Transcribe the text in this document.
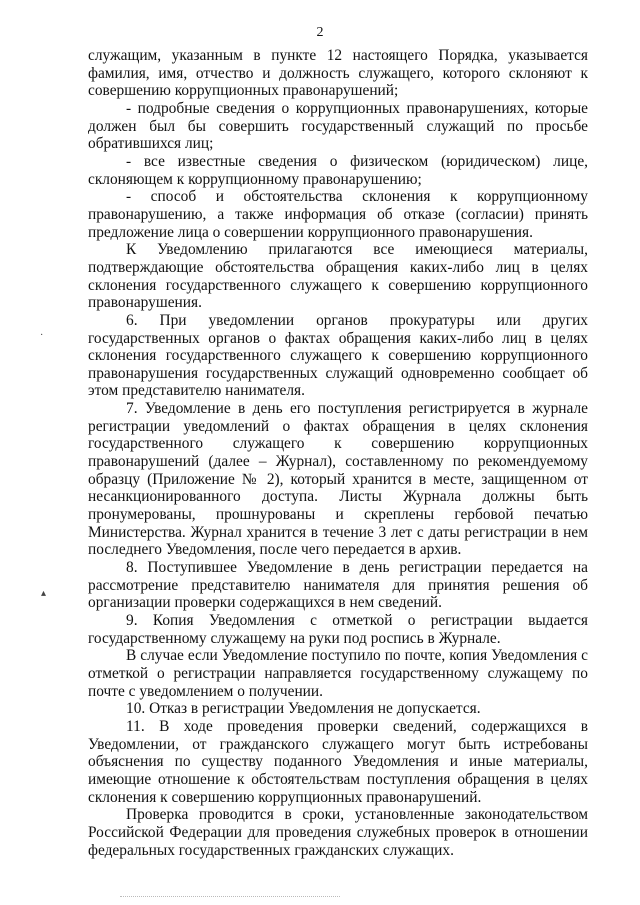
2

служащим, указанным в пункте 12 настоящего Порядка, указывается фамилия, имя, отчество и должность служащего, которого склоняют к совершению коррупционных правонарушений;

- подробные сведения о коррупционных правонарушениях, которые должен был бы совершить государственный служащий по просьбе обратившихся лиц;

- все известные сведения о физическом (юридическом) лице, склоняющем к коррупционному правонарушению;

- способ и обстоятельства склонения к коррупционному правонарушению, а также информация об отказе (согласии) принять предложение лица о совершении коррупционного правонарушения.

К Уведомлению прилагаются все имеющиеся материалы, подтверждающие обстоятельства обращения каких-либо лиц в целях склонения государственного служащего к совершению коррупционного правонарушения.

6. При уведомлении органов прокуратуры или других государственных органов о фактах обращения каких-либо лиц в целях склонения государственного служащего к совершению коррупционного правонарушения государственных служащий одновременно сообщает об этом представителю нанимателя.

7. Уведомление в день его поступления регистрируется в журнале регистрации уведомлений о фактах обращения в целях склонения государственного служащего к совершению коррупционных правонарушений (далее – Журнал), составленному по рекомендуемому образцу (Приложение № 2), который хранится в месте, защищенном от несанкционированного доступа. Листы Журнала должны быть пронумерованы, прошнурованы и скреплены гербовой печатью Министерства. Журнал хранится в течение 3 лет с даты регистрации в нем последнего Уведомления, после чего передается в архив.

8. Поступившее Уведомление в день регистрации передается на рассмотрение представителю нанимателя для принятия решения об организации проверки содержащихся в нем сведений.

9. Копия Уведомления с отметкой о регистрации выдается государственному служащему на руки под роспись в Журнале.

В случае если Уведомление поступило по почте, копия Уведомления с отметкой о регистрации направляется государственному служащему по почте с уведомлением о получении.

10. Отказ в регистрации Уведомления не допускается.

11. В ходе проведения проверки сведений, содержащихся в Уведомлении, от гражданского служащего могут быть истребованы объяснения по существу поданного Уведомления и иные материалы, имеющие отношение к обстоятельствам поступления обращения в целях склонения к совершению коррупционных правонарушений.

Проверка проводится в сроки, установленные законодательством Российской Федерации для проведения служебных проверок в отношении федеральных государственных гражданских служащих.

·
▴
